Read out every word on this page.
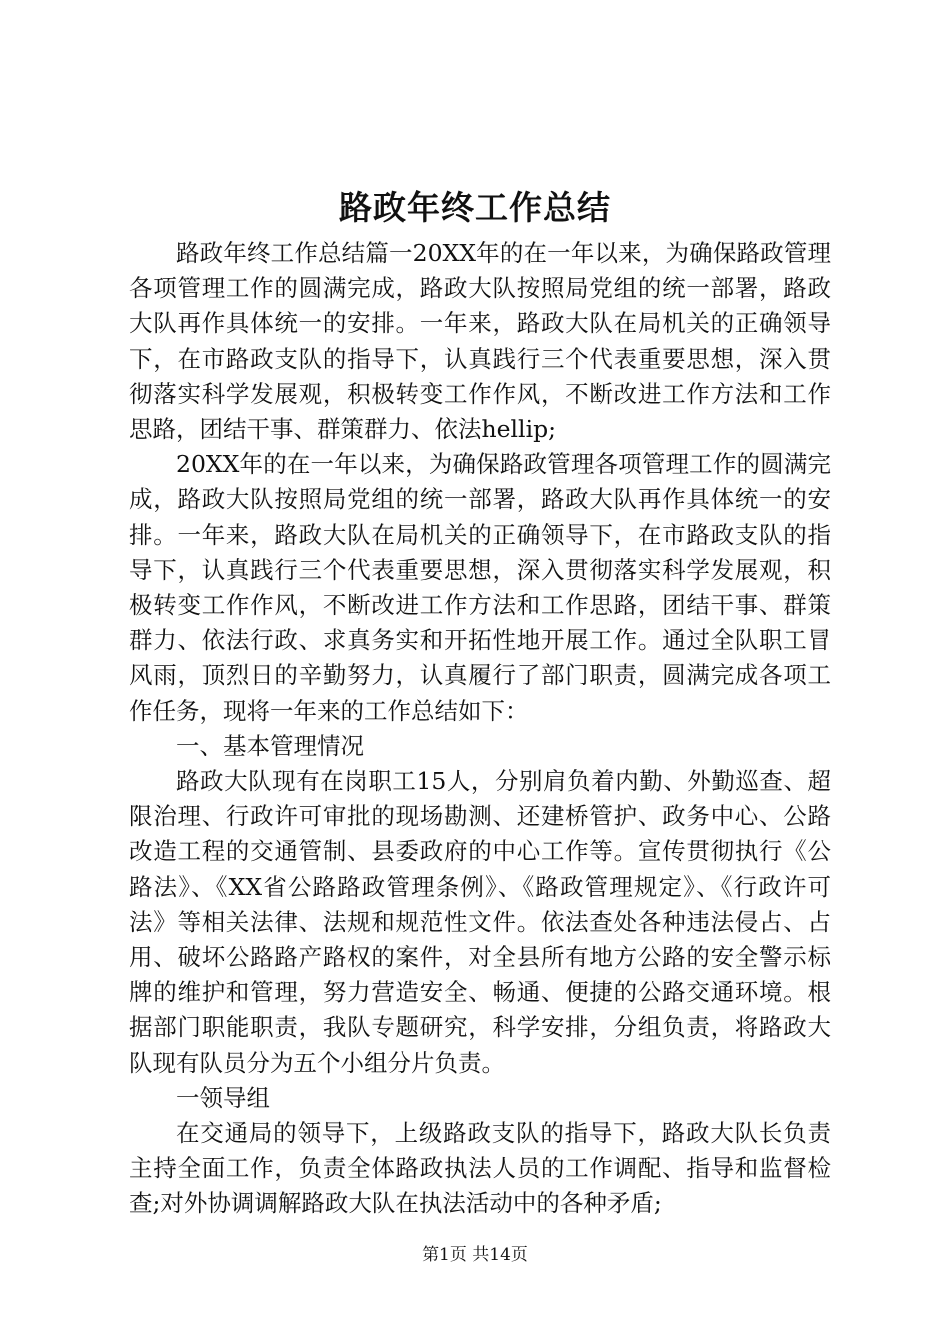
路政年终工作总结

路政年终工作总结篇一20XX年的在一年以来，为确保路政管理各项管理工作的圆满完成，路政大队按照局党组的统一部署，路政大队再作具体统一的安排。一年来，路政大队在局机关的正确领导下，在市路政支队的指导下，认真践行三个代表重要思想，深入贯彻落实科学发展观，积极转变工作作风，不断改进工作方法和工作思路，团结干事、群策群力、依法hellip;

20XX年的在一年以来，为确保路政管理各项管理工作的圆满完成，路政大队按照局党组的统一部署，路政大队再作具体统一的安排。一年来，路政大队在局机关的正确领导下，在市路政支队的指导下，认真践行三个代表重要思想，深入贯彻落实科学发展观，积极转变工作作风，不断改进工作方法和工作思路，团结干事、群策群力、依法行政、求真务实和开拓性地开展工作。通过全队职工冒风雨，顶烈日的辛勤努力，认真履行了部门职责，圆满完成各项工作任务，现将一年来的工作总结如下：

一、基本管理情况

路政大队现有在岗职工15人，分别肩负着内勤、外勤巡查、超限治理、行政许可审批的现场勘测、还建桥管护、政务中心、公路改造工程的交通管制、县委政府的中心工作等。宣传贯彻执行《公路法》、《XX省公路路政管理条例》、《路政管理规定》、《行政许可法》等相关法律、法规和规范性文件。依法查处各种违法侵占、占用、破坏公路路产路权的案件，对全县所有地方公路的安全警示标牌的维护和管理，努力营造安全、畅通、便捷的公路交通环境。根据部门职能职责，我队专题研究，科学安排，分组负责，将路政大队现有队员分为五个小组分片负责。

一领导组

在交通局的领导下，上级路政支队的指导下，路政大队长负责主持全面工作，负责全体路政执法人员的工作调配、指导和监督检查;对外协调调解路政大队在执法活动中的各种矛盾;

第1页 共14页
